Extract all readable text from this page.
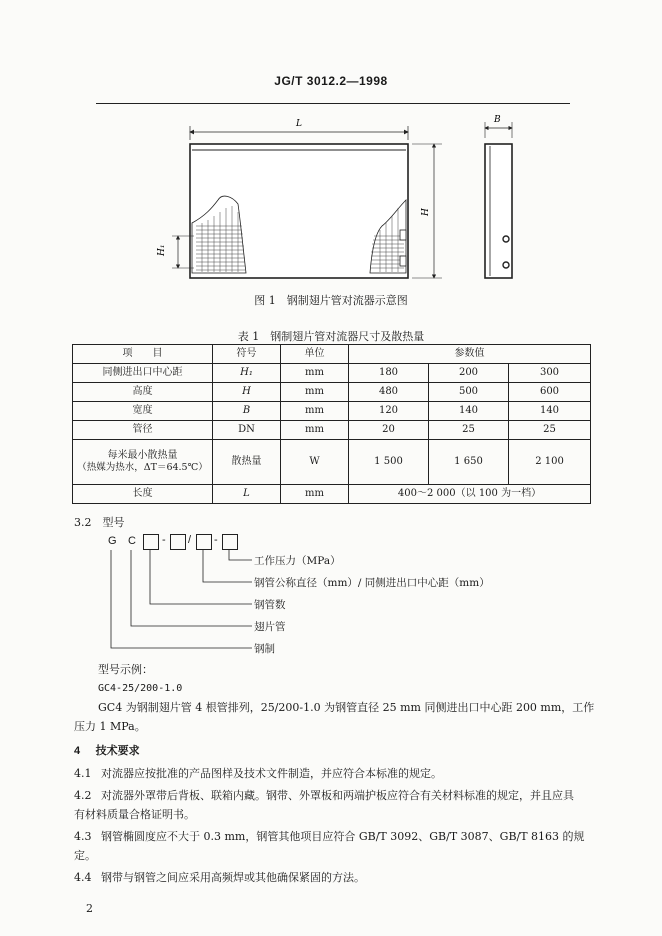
JG/T 3012.2—1998
L
H₁
H
B
图 1　钢制翅片管对流器示意图
表 1　钢制翅片管对流器尺寸及散热量
项　　目	符号	单位	参数值		
同侧进出口中心距	H₁	mm	180	200	300
高度	H	mm	480	500	600
宽度	B	mm	120	140	140
管径	DN	mm	20	25	25

每米最小散热量
（热媒为热水，ΔT＝64.5℃）	散热量	W	1 500	1 650	2 100
长度	L	mm	400～2 000（以 100 为一档）		
3.2　型号
G C - / -
工作压力（MPa）
钢管公称直径（mm）/ 同侧进出口中心距（mm）
钢管数
翅片管
钢制
型号示例：
GC4-25/200-1.0
GC4 为钢制翅片管 4 根管排列，25/200-1.0 为钢管直径 25 mm 同侧进出口中心距 200 mm，工作
压力 1 MPa。
4 技术要求
4.1 对流器应按批准的产品图样及技术文件制造，并应符合本标准的规定。
4.2 对流器外罩带后背板、联箱内藏。钢带、外罩板和两端护板应符合有关材料标准的规定，并且应具
有材料质量合格证明书。
4.3 钢管椭圆度应不大于 0.3 mm，钢管其他项目应符合 GB/T 3092、GB/T 3087、GB/T 8163 的规
定。
4.4 钢带与钢管之间应采用高频焊或其他确保紧固的方法。
2
